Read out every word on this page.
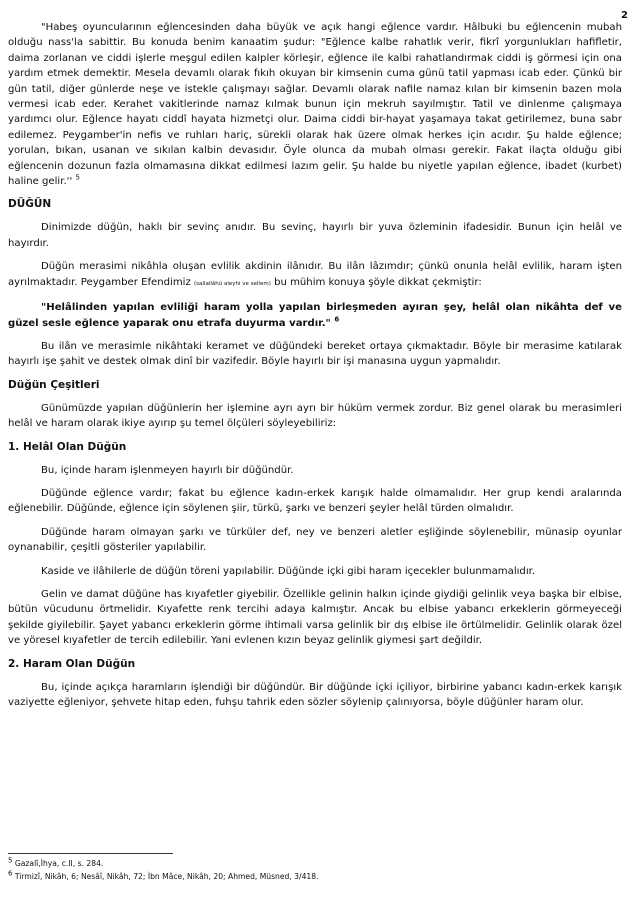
2

"Habeş oyuncularının eğlencesinden daha büyük ve açık hangi eğlence vardır. Hâlbuki bu eğlencenin mubah olduğu nass'la sabittir. Bu konuda benim kanaatim şudur: "Eğlence kalbe rahatlık verir, fikrî yorgunlukları hafifletir, daima zorlanan ve ciddi işlerle meşgul edilen kalpler körleşir, eğlence ile kalbi rahatlandırmak ciddi iş görmesi için ona yardım etmek demektir. Mesela devamlı olarak fıkıh okuyan bir kimsenin cuma günü tatil yapması icab eder. Çünkü bir gün tatil, diğer günlerde neşe ve istekle çalışmayı sağlar. Devamlı olarak nafile namaz kılan bir kimsenin bazen mola vermesi icab eder. Kerahet vakitlerinde namaz kılmak bunun için mekruh sayılmıştır. Tatil ve dinlenme çalışmaya yardımcı olur. Eğlence hayatı ciddî hayata hizmetçi olur. Daima ciddi bir-hayat yaşamaya takat getirilemez, buna sabr edilemez. Peygamber'in nefis ve ruhları hariç, sürekli olarak hak üzere olmak herkes için acıdır. Şu halde eğlence; yorulan, bıkan, usanan ve sıkılan kalbin devasıdır. Öyle olunca da mubah olması gerekir. Fakat ilaçta olduğu gibi eğlencenin dozunun fazla olmamasına dikkat edilmesi lazım gelir. Şu halde bu niyetle yapılan eğlence, ibadet (kurbet) haline gelir.'' $^5$

DÜĞÜN

Dinimizde düğün, haklı bir sevinç anıdır. Bu sevinç, hayırlı bir yuva özleminin ifadesidir. Bunun için helâl ve hayırdır.

Düğün merasimi nikâhla oluşan evlilik akdinin ilânıdır. Bu ilân lâzımdır; çünkü onunla helâl evlilik, haram işten ayrılmaktadır. Peygamber Efendimiz (sallallâhü aleyhi ve sellem) bu mühim konuya şöyle dikkat çekmiştir:

"Helâlinden yapılan evliliği haram yolla yapılan birleşmeden ayıran şey, helâl olan nikâhta def ve güzel sesle eğlence yaparak onu etrafa duyurma vardır." $^6$

Bu ilân ve merasimle nikâhtaki keramet ve düğündeki bereket ortaya çıkmaktadır. Böyle bir merasime katılarak hayırlı işe şahit ve destek olmak dinî bir vazifedir. Böyle hayırlı bir işi manasına uygun yapmalıdır.

Düğün Çeşitleri

Günümüzde yapılan düğünlerin her işlemine ayrı ayrı bir hüküm vermek zordur. Biz genel olarak bu merasimleri helâl ve haram olarak ikiye ayırıp şu temel ölçüleri söyleyebiliriz:

1. Helâl Olan Düğün

Bu, içinde haram işlenmeyen hayırlı bir düğündür.

Düğünde eğlence vardır; fakat bu eğlence kadın-erkek karışık halde olmamalıdır. Her grup kendi aralarında eğlenebilir. Düğünde, eğlence için söylenen şiir, türkü, şarkı ve benzeri şeyler helâl türden olmalıdır.

Düğünde haram olmayan şarkı ve türküler def, ney ve benzeri aletler eşliğinde söylenebilir, münasip oyunlar oynanabilir, çeşitli gösteriler yapılabilir.

Kaside ve ilâhilerle de düğün töreni yapılabilir. Düğünde içki gibi haram içecekler bulunmamalıdır.

Gelin ve damat düğüne has kıyafetler giyebilir. Özellikle gelinin halkın içinde giydiği gelinlik veya başka bir elbise, bütün vücudunu örtmelidir. Kıyafette renk tercihi adaya kalmıştır. Ancak bu elbise yabancı erkeklerin görmeyeceği şekilde giyilebilir. Şayet yabancı erkeklerin görme ihtimali varsa gelinlik bir dış elbise ile örtülmelidir. Gelinlik olarak özel ve yöresel kıyafetler de tercih edilebilir. Yani evlenen kızın beyaz gelinlik giymesi şart değildir.

2. Haram Olan Düğün

Bu, içinde açıkça haramların işlendiği bir düğündür. Bir düğünde içki içiliyor, birbirine yabancı kadın-erkek karışık vaziyette eğleniyor, şehvete hitap eden, fuhşu tahrik eden sözler söylenip çalınıyorsa, böyle düğünler haram olur.

$^5$ Gazalî,İhya, c.II, s. 284.
$^6$ Tirmizî, Nikâh, 6; Nesâî, Nikâh, 72; İbn Mâce, Nikâh, 20; Ahmed, Müsned, 3/418.
